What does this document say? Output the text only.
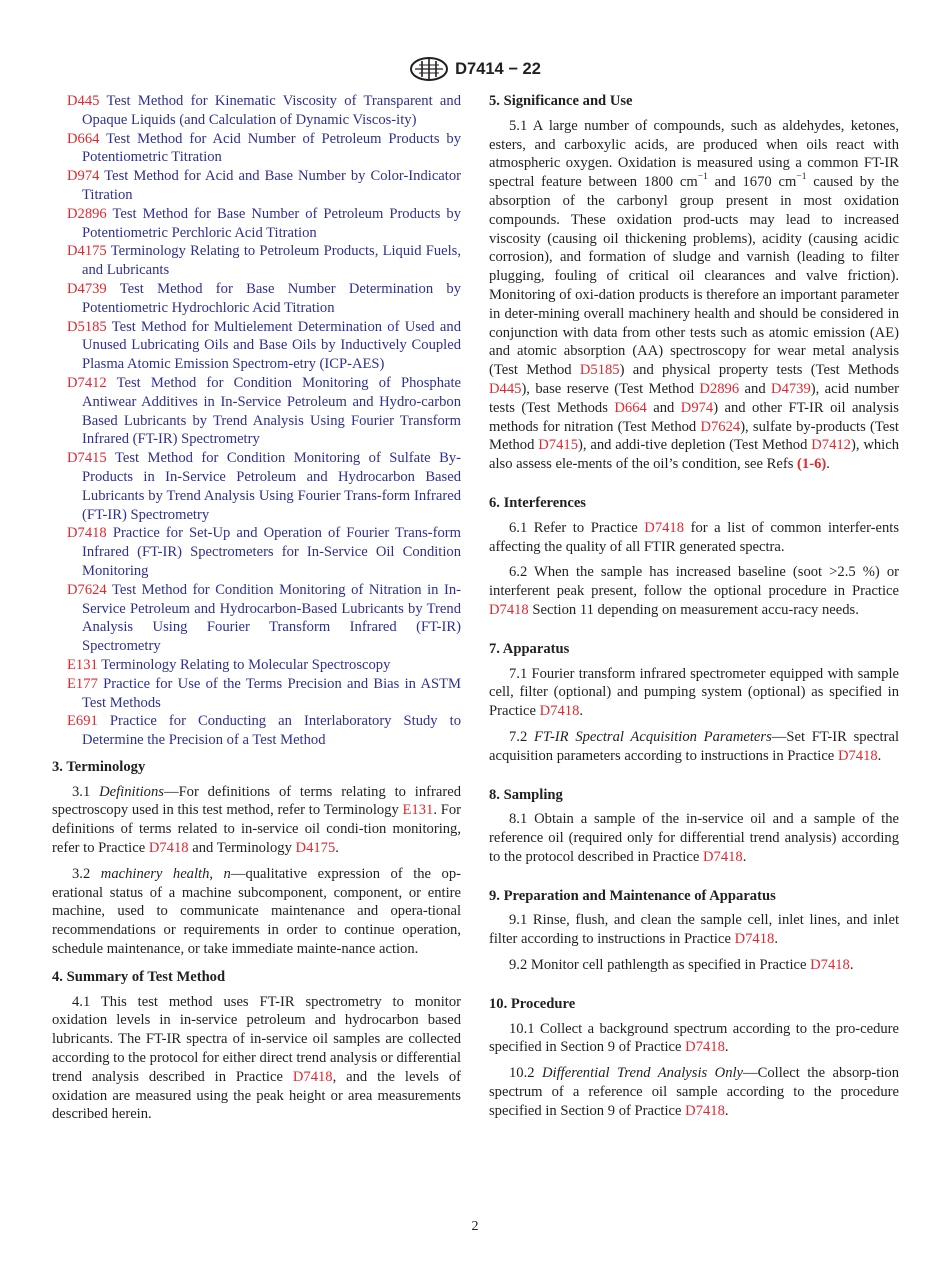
D7414 − 22

D445 Test Method for Kinematic Viscosity of Transparent and Opaque Liquids (and Calculation of Dynamic Viscos-ity)

D664 Test Method for Acid Number of Petroleum Products by Potentiometric Titration

D974 Test Method for Acid and Base Number by Color-Indicator Titration

D2896 Test Method for Base Number of Petroleum Products by Potentiometric Perchloric Acid Titration

D4175 Terminology Relating to Petroleum Products, Liquid Fuels, and Lubricants

D4739 Test Method for Base Number Determination by Potentiometric Hydrochloric Acid Titration

D5185 Test Method for Multielement Determination of Used and Unused Lubricating Oils and Base Oils by Inductively Coupled Plasma Atomic Emission Spectrom-etry (ICP-AES)

D7412 Test Method for Condition Monitoring of Phosphate Antiwear Additives in In-Service Petroleum and Hydro-carbon Based Lubricants by Trend Analysis Using Fourier Transform Infrared (FT-IR) Spectrometry

D7415 Test Method for Condition Monitoring of Sulfate By-Products in In-Service Petroleum and Hydrocarbon Based Lubricants by Trend Analysis Using Fourier Trans-form Infrared (FT-IR) Spectrometry

D7418 Practice for Set-Up and Operation of Fourier Trans-form Infrared (FT-IR) Spectrometers for In-Service Oil Condition Monitoring

D7624 Test Method for Condition Monitoring of Nitration in In-Service Petroleum and Hydrocarbon-Based Lubricants by Trend Analysis Using Fourier Transform Infrared (FT-IR) Spectrometry

E131 Terminology Relating to Molecular Spectroscopy

E177 Practice for Use of the Terms Precision and Bias in ASTM Test Methods

E691 Practice for Conducting an Interlaboratory Study to Determine the Precision of a Test Method

3. Terminology

3.1 Definitions—For definitions of terms relating to infrared spectroscopy used in this test method, refer to Terminology E131. For definitions of terms related to in-service oil condi-tion monitoring, refer to Practice D7418 and Terminology D4175.

3.2 machinery health, n—qualitative expression of the op-erational status of a machine subcomponent, component, or entire machine, used to communicate maintenance and opera-tional recommendations or requirements in order to continue operation, schedule maintenance, or take immediate mainte-nance action.

4. Summary of Test Method

4.1 This test method uses FT-IR spectrometry to monitor oxidation levels in in-service petroleum and hydrocarbon based lubricants. The FT-IR spectra of in-service oil samples are collected according to the protocol for either direct trend analysis or differential trend analysis described in Practice D7418, and the levels of oxidation are measured using the peak height or area measurements described herein.

5. Significance and Use

5.1 A large number of compounds, such as aldehydes, ketones, esters, and carboxylic acids, are produced when oils react with atmospheric oxygen. Oxidation is measured using a common FT-IR spectral feature between 1800 $cm^{-1}$ and 1670 $cm^{-1}$ caused by the absorption of the carbonyl group present in most oxidation compounds. These oxidation prod-ucts may lead to increased viscosity (causing oil thickening problems), acidity (causing acidic corrosion), and formation of sludge and varnish (leading to filter plugging, fouling of critical oil clearances and valve friction). Monitoring of oxi-dation products is therefore an important parameter in deter-mining overall machinery health and should be considered in conjunction with data from other tests such as atomic emission (AE) and atomic absorption (AA) spectroscopy for wear metal analysis (Test Method D5185) and physical property tests (Test Methods D445), base reserve (Test Method D2896 and D4739), acid number tests (Test Methods D664 and D974) and other FT-IR oil analysis methods for nitration (Test Method D7624), sulfate by-products (Test Method D7415), and addi-tive depletion (Test Method D7412), which also assess ele-ments of the oil’s condition, see Refs (1-6).

6. Interferences

6.1 Refer to Practice D7418 for a list of common interfer-ents affecting the quality of all FTIR generated spectra.

6.2 When the sample has increased baseline (soot >2.5 %) or interferent peak present, follow the optional procedure in Practice D7418 Section 11 depending on measurement accu-racy needs.

7. Apparatus

7.1 Fourier transform infrared spectrometer equipped with sample cell, filter (optional) and pumping system (optional) as specified in Practice D7418.

7.2 FT-IR Spectral Acquisition Parameters—Set FT-IR spectral acquisition parameters according to instructions in Practice D7418.

8. Sampling

8.1 Obtain a sample of the in-service oil and a sample of the reference oil (required only for differential trend analysis) according to the protocol described in Practice D7418.

9. Preparation and Maintenance of Apparatus

9.1 Rinse, flush, and clean the sample cell, inlet lines, and inlet filter according to instructions in Practice D7418.

9.2 Monitor cell pathlength as specified in Practice D7418.

10. Procedure

10.1 Collect a background spectrum according to the pro-cedure specified in Section 9 of Practice D7418.

10.2 Differential Trend Analysis Only—Collect the absorp-tion spectrum of a reference oil sample according to the procedure specified in Section 9 of Practice D7418.

2
